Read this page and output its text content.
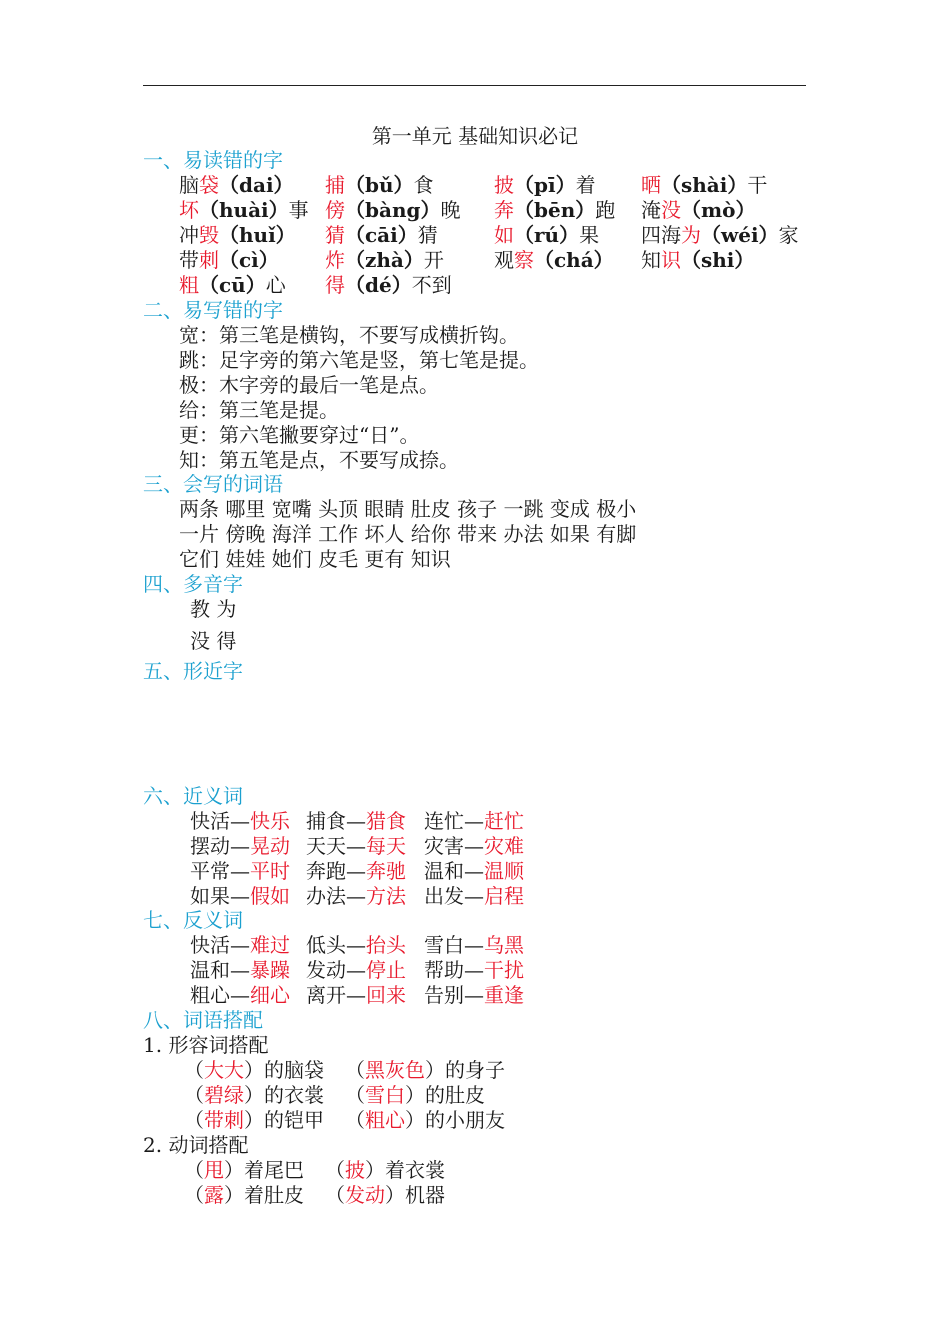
第一单元 基础知识必记
一、易读错的字
脑袋（dai） 捕（bǔ）食	披（pī）着 晒（shài）干
坏（huài）事 傍（bàng）晚 奔（bēn）跑 淹没（mò）
冲毁（huǐ） 猜（cāi）猜	如（rú）果 四海为（wéi）家
带刺（cì） 炸（zhà）开	观察（chá） 知识（shi）
粗（cū）心 得（dé）不到
二、易写错的字
宽：第三笔是横钩，不要写成横折钩。
跳：足字旁的第六笔是竖，第七笔是提。
极：木字旁的最后一笔是点。
给：第三笔是提。
更：第六笔撇要穿过“日”。
知：第五笔是点，不要写成捺。
三、会写的词语
两条 哪里 宽嘴 头顶 眼睛 肚皮 孩子 一跳 变成 极小
一片 傍晚 海洋 工作 坏人 给你 带来 办法 如果 有脚
它们 娃娃 她们 皮毛 更有 知识
四、多音字
教 为
没 得
五、形近字
六、近义词
快活—快乐 捕食—猎食 连忙—赶忙
摆动—晃动 天天—每天 灾害—灾难
平常—平时 奔跑—奔驰 温和—温顺
如果—假如 办法—方法 出发—启程
七、反义词
快活—难过 低头—抬头 雪白—乌黑
温和—暴躁 发动—停止 帮助—干扰
粗心—细心 离开—回来 告别—重逢
八、词语搭配
1. 形容词搭配
（大大）的脑袋 （黑灰色）的身子
（碧绿）的衣裳 （雪白）的肚皮
（带刺）的铠甲 （粗心）的小朋友
2. 动词搭配
（甩）着尾巴 （披）着衣裳
（露）着肚皮 （发动）机器
